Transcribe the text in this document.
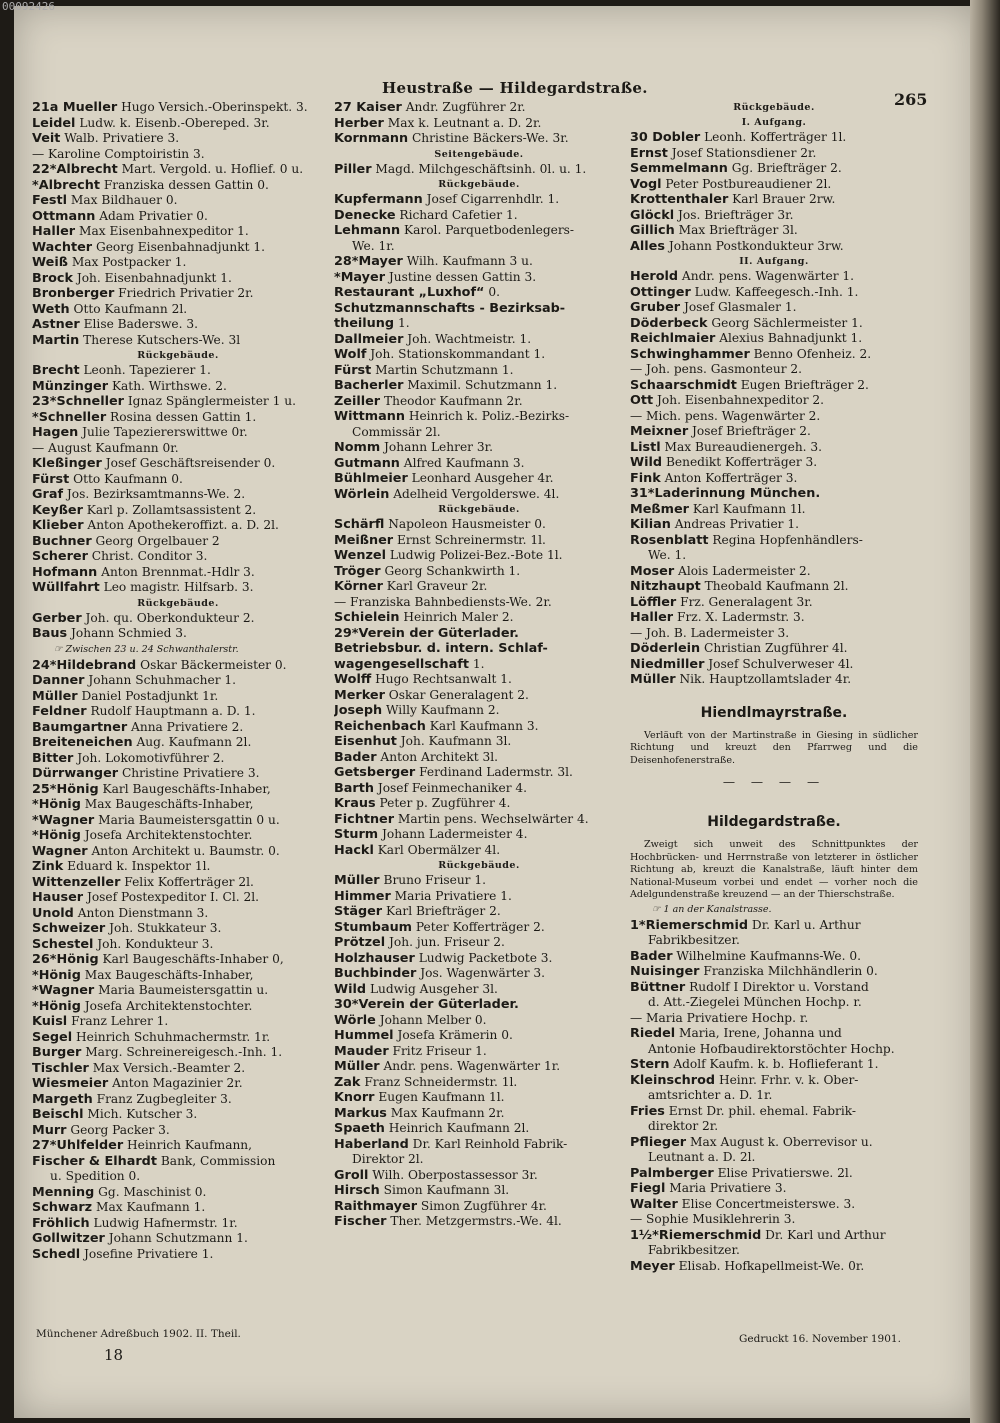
Heustraße — Hildegardstraße.
265
21a Mueller Hugo Versich.-Oberinspekt. 3.
Leidel Ludw. k. Eisenb.-Obereped. 3r.
Veit Walb. Privatiere 3.
— Karoline Comptoiristin 3.
22*Albrecht Mart. Vergold. u. Hoflief. 0 u.
*Albrecht Franziska dessen Gattin 0.
Festl Max Bildhauer 0.
Ottmann Adam Privatier 0.
Haller Max Eisenbahnexpeditor 1.
Wachter Georg Eisenbahnadjunkt 1.
Weiß Max Postpacker 1.
Brock Joh. Eisenbahnadjunkt 1.
Bronberger Friedrich Privatier 2r.
Weth Otto Kaufmann 2l.
Astner Elise Baderswe. 3.
Martin Therese Kutschers-We. 3l
Rückgebäude.
Brecht Leonh. Tapezierer 1.
Münzinger Kath. Wirthswe. 2.
23*Schneller Ignaz Spänglermeister 1 u.
*Schneller Rosina dessen Gattin 1.
Hagen Julie Tapeziererswittwe 0r.
— August Kaufmann 0r.
Kleßinger Josef Geschäftsreisender 0.
Fürst Otto Kaufmann 0.
Graf Jos. Bezirksamtmanns-We. 2.
Keyßer Karl p. Zollamtsassistent 2.
Klieber Anton Apothekeroffizt. a. D. 2l.
Buchner Georg Orgelbauer 2
Scherer Christ. Conditor 3.
Hofmann Anton Brennmat.-Hdlr 3.
Wüllfahrt Leo magistr. Hilfsarb. 3.
Rückgebäude.
Gerber Joh. qu. Oberkondukteur 2.
Baus Johann Schmied 3.
☞ Zwischen 23 u. 24 Schwanthalerstr.
24*Hildebrand Oskar Bäckermeister 0.
Danner Johann Schuhmacher 1.
Müller Daniel Postadjunkt 1r.
Feldner Rudolf Hauptmann a. D. 1.
Baumgartner Anna Privatiere 2.
Breiteneichen Aug. Kaufmann 2l.
Bitter Joh. Lokomotivführer 2.
Dürrwanger Christine Privatiere 3.
25*Hönig Karl Baugeschäfts-Inhaber,
*Hönig Max Baugeschäfts-Inhaber,
*Wagner Maria Baumeistersgattin 0 u.
*Hönig Josefa Architektenstochter.
Wagner Anton Architekt u. Baumstr. 0.
Zink Eduard k. Inspektor 1l.
Wittenzeller Felix Kofferträger 2l.
Hauser Josef Postexpeditor I. Cl. 2l.
Unold Anton Dienstmann 3.
Schweizer Joh. Stukkateur 3.
Schestel Joh. Kondukteur 3.
26*Hönig Karl Baugeschäfts-Inhaber 0,
*Hönig Max Baugeschäfts-Inhaber,
*Wagner Maria Baumeistersgattin u.
*Hönig Josefa Architektenstochter.
Kuisl Franz Lehrer 1.
Segel Heinrich Schuhmachermstr. 1r.
Burger Marg. Schreinereigesch.-Inh. 1.
Tischler Max Versich.-Beamter 2.
Wiesmeier Anton Magazinier 2r.
Margeth Franz Zugbegleiter 3.
Beischl Mich. Kutscher 3.
Murr Georg Packer 3.
27*Uhlfelder Heinrich Kaufmann,
Fischer & Elhardt Bank, Commission
u. Spedition 0.
Menning Gg. Maschinist 0.
Schwarz Max Kaufmann 1.
Fröhlich Ludwig Hafnermstr. 1r.
Gollwitzer Johann Schutzmann 1.
Schedl Josefine Privatiere 1.
27 Kaiser Andr. Zugführer 2r.
Herber Max k. Leutnant a. D. 2r.
Kornmann Christine Bäckers-We. 3r.
Seitengebäude.
Piller Magd. Milchgeschäftsinh. 0l. u. 1.
Rückgebäude.
Kupfermann Josef Cigarrenhdlr. 1.
Denecke Richard Cafetier 1.
Lehmann Karol. Parquetbodenlegers-
We. 1r.
28*Mayer Wilh. Kaufmann 3 u.
*Mayer Justine dessen Gattin 3.
Restaurant „Luxhof“ 0.
Schutzmannschafts - Bezirksab-
theilung 1.
Dallmeier Joh. Wachtmeistr. 1.
Wolf Joh. Stationskommandant 1.
Fürst Martin Schutzmann 1.
Bacherler Maximil. Schutzmann 1.
Zeiller Theodor Kaufmann 2r.
Wittmann Heinrich k. Poliz.-Bezirks-
Commissär 2l.
Nomm Johann Lehrer 3r.
Gutmann Alfred Kaufmann 3.
Bühlmeier Leonhard Ausgeher 4r.
Wörlein Adelheid Vergolderswe. 4l.
Rückgebäude.
Schärfl Napoleon Hausmeister 0.
Meißner Ernst Schreinermstr. 1l.
Wenzel Ludwig Polizei-Bez.-Bote 1l.
Tröger Georg Schankwirth 1.
Körner Karl Graveur 2r.
— Franziska Bahnbediensts-We. 2r.
Schielein Heinrich Maler 2.
29*Verein der Güterlader.
Betriebsbur. d. intern. Schlaf-
wagengesellschaft 1.
Wolff Hugo Rechtsanwalt 1.
Merker Oskar Generalagent 2.
Joseph Willy Kaufmann 2.
Reichenbach Karl Kaufmann 3.
Eisenhut Joh. Kaufmann 3l.
Bader Anton Architekt 3l.
Getsberger Ferdinand Ladermstr. 3l.
Barth Josef Feinmechaniker 4.
Kraus Peter p. Zugführer 4.
Fichtner Martin pens. Wechselwärter 4.
Sturm Johann Ladermeister 4.
Hackl Karl Obermälzer 4l.
Rückgebäude.
Müller Bruno Friseur 1.
Himmer Maria Privatiere 1.
Stäger Karl Briefträger 2.
Stumbaum Peter Kofferträger 2.
Prötzel Joh. jun. Friseur 2.
Holzhauser Ludwig Packetbote 3.
Buchbinder Jos. Wagenwärter 3.
Wild Ludwig Ausgeher 3l.
30*Verein der Güterlader.
Wörle Johann Melber 0.
Hummel Josefa Krämerin 0.
Mauder Fritz Friseur 1.
Müller Andr. pens. Wagenwärter 1r.
Zak Franz Schneidermstr. 1l.
Knorr Eugen Kaufmann 1l.
Markus Max Kaufmann 2r.
Spaeth Heinrich Kaufmann 2l.
Haberland Dr. Karl Reinhold Fabrik-
Direktor 2l.
Groll Wilh. Oberpostassessor 3r.
Hirsch Simon Kaufmann 3l.
Raithmayer Simon Zugführer 4r.
Fischer Ther. Metzgermstrs.-We. 4l.
Rückgebäude.
I. Aufgang.
30 Dobler Leonh. Kofferträger 1l.
Ernst Josef Stationsdiener 2r.
Semmelmann Gg. Briefträger 2.
Vogl Peter Postbureaudiener 2l.
Krottenthaler Karl Brauer 2rw.
Glöckl Jos. Briefträger 3r.
Gillich Max Briefträger 3l.
Alles Johann Postkondukteur 3rw.
II. Aufgang.
Herold Andr. pens. Wagenwärter 1.
Ottinger Ludw. Kaffeegesch.-Inh. 1.
Gruber Josef Glasmaler 1.
Döderbeck Georg Sächlermeister 1.
Reichlmaier Alexius Bahnadjunkt 1.
Schwinghammer Benno Ofenheiz. 2.
— Joh. pens. Gasmonteur 2.
Schaarschmidt Eugen Briefträger 2.
Ott Joh. Eisenbahnexpeditor 2.
— Mich. pens. Wagenwärter 2.
Meixner Josef Briefträger 2.
Listl Max Bureaudienergeh. 3.
Wild Benedikt Kofferträger 3.
Fink Anton Kofferträger 3.
31*Laderinnung München.
Meßmer Karl Kaufmann 1l.
Kilian Andreas Privatier 1.
Rosenblatt Regina Hopfenhändlers-
We. 1.
Moser Alois Ladermeister 2.
Nitzhaupt Theobald Kaufmann 2l.
Löffler Frz. Generalagent 3r.
Haller Frz. X. Ladermstr. 3.
— Joh. B. Ladermeister 3.
Döderlein Christian Zugführer 4l.
Niedmiller Josef Schulverweser 4l.
Müller Nik. Hauptzollamtslader 4r.
Hiendlmayrstraße.
Verläuft von der Martinstraße in Giesing in südlicher Richtung und kreuzt den Pfarrweg und die Deisenhofenerstraße.
— — — —
Hildegardstraße.
Zweigt sich unweit des Schnittpunktes der Hochbrücken- und Herrnstraße von letzterer in östlicher Richtung ab, kreuzt die Kanalstraße, läuft hinter dem National-Museum vorbei und endet — vorher noch die Adelgundenstraße kreuzend — an der Thierschstraße.
☞ 1 an der Kanalstrasse.
1*Riemerschmid Dr. Karl u. Arthur
Fabrikbesitzer.
Bader Wilhelmine Kaufmanns-We. 0.
Nuisinger Franziska Milchhändlerin 0.
Büttner Rudolf I Direktor u. Vorstand
d. Att.-Ziegelei München Hochp. r.
— Maria Privatiere Hochp. r.
Riedel Maria, Irene, Johanna und
Antonie Hofbaudirektorstöchter Hochp.
Stern Adolf Kaufm. k. b. Hoflieferant 1.
Kleinschrod Heinr. Frhr. v. k. Ober-
amtsrichter a. D. 1r.
Fries Ernst Dr. phil. ehemal. Fabrik-
direktor 2r.
Pflieger Max August k. Oberrevisor u.
Leutnant a. D. 2l.
Palmberger Elise Privatierswe. 2l.
Fiegl Maria Privatiere 3.
Walter Elise Concertmeisterswe. 3.
— Sophie Musiklehrerin 3.
1½*Riemerschmid Dr. Karl und Arthur
Fabrikbesitzer.
Meyer Elisab. Hofkapellmeist-We. 0r.
Münchener Adreßbuch 1902. II. Theil.
18
Gedruckt 16. November 1901.
00092426
